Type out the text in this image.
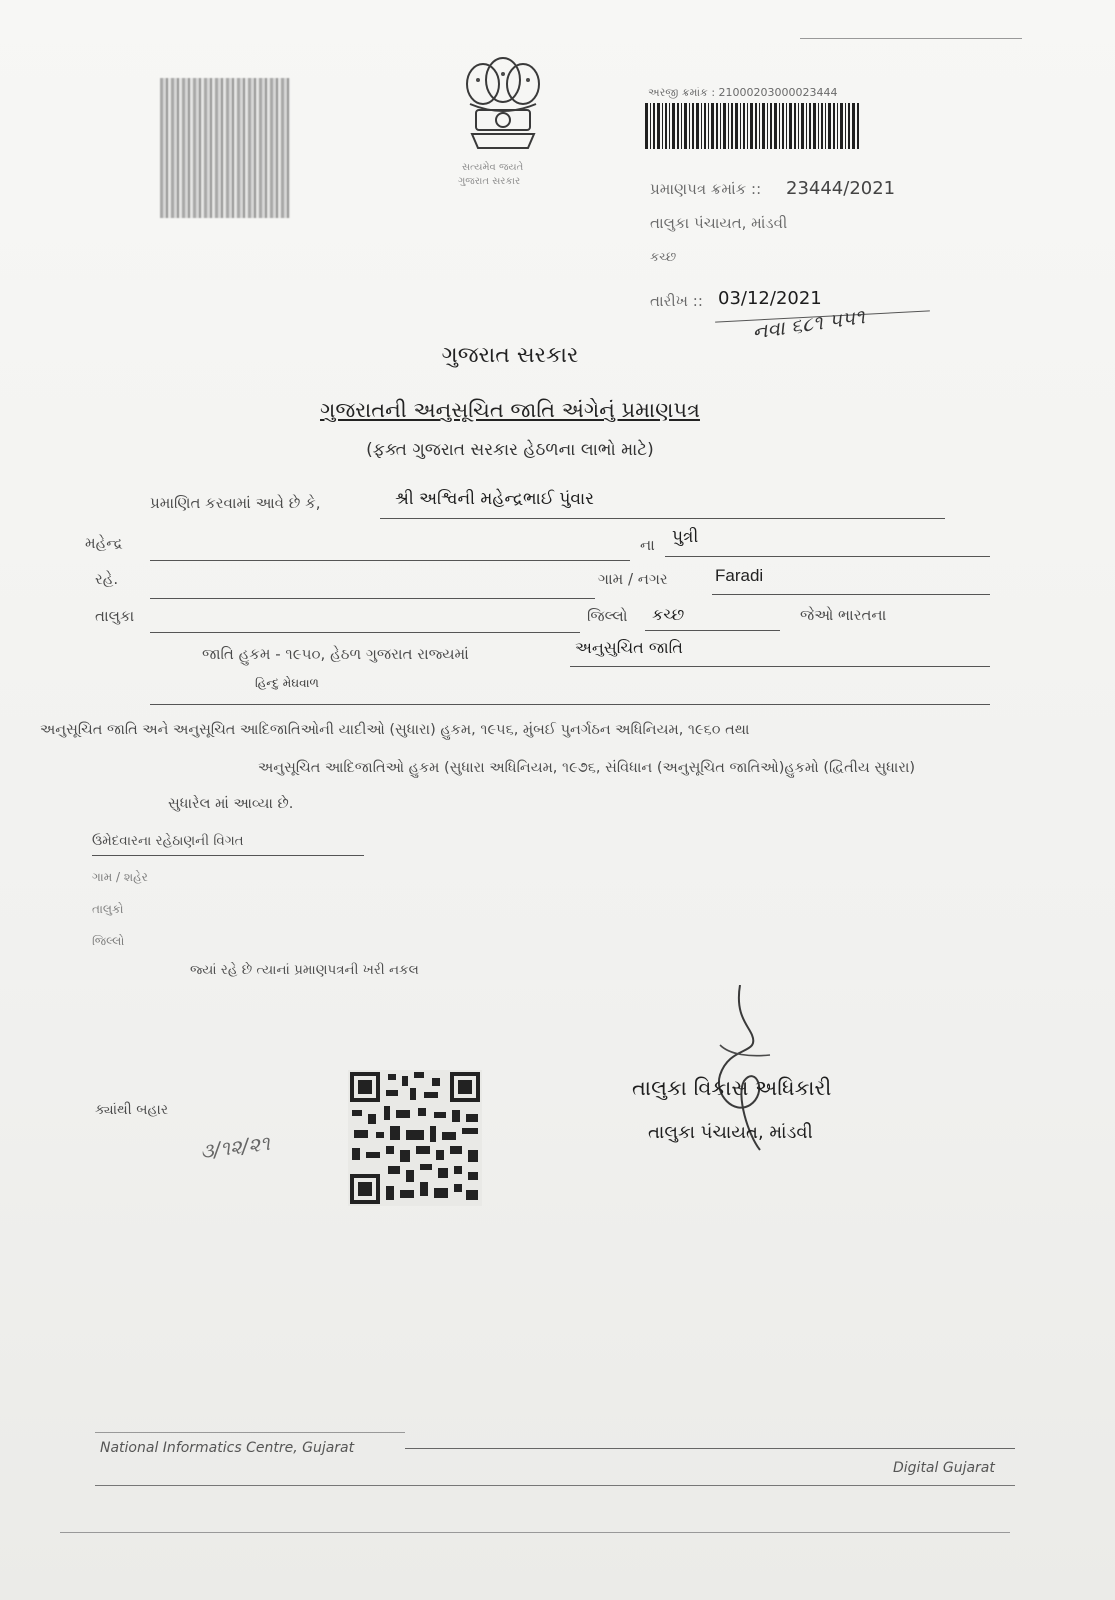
સત્યમેવ જયતે
ગુજરાત સરકાર
અરજી ક્રમાંક : 21000203000023444
પ્રમાણપત્ર ક્રમાંક :: 23444/2021
તાલુકા પંચાયત, માંડવી
કચ્છ
તારીખ :: 03/12/2021
નવા ૬૮૧ ૫૫૧
ગુજરાત સરકાર
ગુજરાતની અનુસૂચિત જાતિ અંગેનું પ્રમાણપત્ર
(ફક્ત ગુજરાત સરકાર હેઠળના લાભો માટે)
પ્રમાણિત કરવામાં આવે છે કે,	શ્રી અશ્વિની મહેન્દ્રભાઈ પુંવાર
મહેન્દ્ર	ના પુત્રી
રહે.	ગામ / નગર	Faradi
તાલુકા	જિલ્લો કચ્છ	જેઓ ભારતના
જાતિ હુકમ - ૧૯૫૦, હેઠળ ગુજરાત રાજ્યમાં	અનુસુચિત જાતિ
હિન્દુ મેઘવાળ
અનુસૂચિત જાતિ અને અનુસૂચિત આદિજાતિઓની યાદીઓ (સુધારા) હુકમ, ૧૯૫૬, મુંબઈ પુનર્ગઠન અધિનિયમ, ૧૯૬૦ તથા
અનુસૂચિત આદિજાતિઓ હુકમ (સુધારા અધિનિયમ, ૧૯૭૬, સંવિધાન (અનુસૂચિત જાતિઓ)હુકમો (દ્વિતીય સુધારા)
સુધારેલ માં આવ્યા છે.
ઉમેદવારના રહેઠાણની વિગત
ગામ / શહેર
તાલુકો
જિલ્લો
જ્યાં રહે છે ત્યાનાં પ્રમાણપત્રની ખરી નકલ
ક્યાંથી બહાર
૩/૧૨/૨૧
તાલુકા વિકાસ અધિકારી
તાલુકા પંચાયત, માંડવી
National Informatics Centre, Gujarat
Digital Gujarat
